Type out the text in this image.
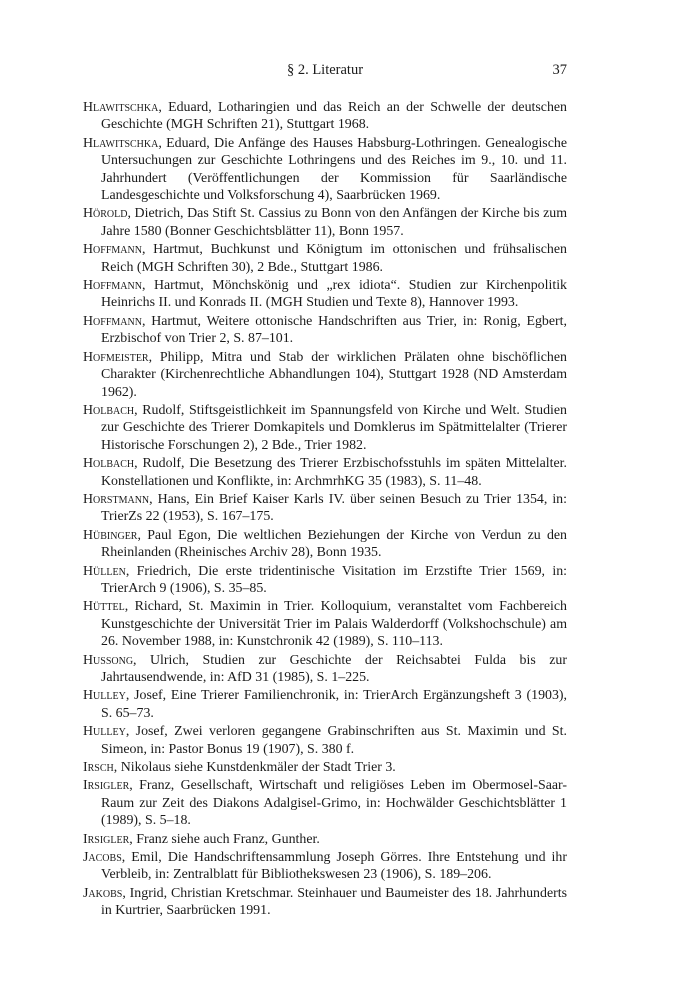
§ 2. Literatur	37

Hlawitschka, Eduard, Lotharingien und das Reich an der Schwelle der deutschen Geschichte (MGH Schriften 21), Stuttgart 1968.

Hlawitschka, Eduard, Die Anfänge des Hauses Habsburg-Lothringen. Genealogische Untersuchungen zur Geschichte Lothringens und des Reiches im 9., 10. und 11. Jahrhundert (Veröffentlichungen der Kommission für Saarländische Landesgeschichte und Volksforschung 4), Saarbrücken 1969.

Hörold, Dietrich, Das Stift St. Cassius zu Bonn von den Anfängen der Kirche bis zum Jahre 1580 (Bonner Geschichtsblätter 11), Bonn 1957.

Hoffmann, Hartmut, Buchkunst und Königtum im ottonischen und frühsalischen Reich (MGH Schriften 30), 2 Bde., Stuttgart 1986.

Hoffmann, Hartmut, Mönchskönig und „rex idiota“. Studien zur Kirchenpolitik Heinrichs II. und Konrads II. (MGH Studien und Texte 8), Hannover 1993.

Hoffmann, Hartmut, Weitere ottonische Handschriften aus Trier, in: Ronig, Egbert, Erzbischof von Trier 2, S. 87–101.

Hofmeister, Philipp, Mitra und Stab der wirklichen Prälaten ohne bischöflichen Charakter (Kirchenrechtliche Abhandlungen 104), Stuttgart 1928 (ND Amsterdam 1962).

Holbach, Rudolf, Stiftsgeistlichkeit im Spannungsfeld von Kirche und Welt. Studien zur Geschichte des Trierer Domkapitels und Domklerus im Spätmittelalter (Trierer Historische Forschungen 2), 2 Bde., Trier 1982.

Holbach, Rudolf, Die Besetzung des Trierer Erzbischofsstuhls im späten Mittelalter. Konstellationen und Konflikte, in: ArchmrhKG 35 (1983), S. 11–48.

Horstmann, Hans, Ein Brief Kaiser Karls IV. über seinen Besuch zu Trier 1354, in: TrierZs 22 (1953), S. 167–175.

Hübinger, Paul Egon, Die weltlichen Beziehungen der Kirche von Verdun zu den Rheinlanden (Rheinisches Archiv 28), Bonn 1935.

Hüllen, Friedrich, Die erste tridentinische Visitation im Erzstifte Trier 1569, in: TrierArch 9 (1906), S. 35–85.

Hüttel, Richard, St. Maximin in Trier. Kolloquium, veranstaltet vom Fachbereich Kunstgeschichte der Universität Trier im Palais Walderdorff (Volkshochschule) am 26. November 1988, in: Kunstchronik 42 (1989), S. 110–113.

Hussong, Ulrich, Studien zur Geschichte der Reichsabtei Fulda bis zur Jahrtausendwende, in: AfD 31 (1985), S. 1–225.

Hulley, Josef, Eine Trierer Familienchronik, in: TrierArch Ergänzungsheft 3 (1903), S. 65–73.

Hulley, Josef, Zwei verloren gegangene Grabinschriften aus St. Maximin und St. Simeon, in: Pastor Bonus 19 (1907), S. 380 f.

Irsch, Nikolaus siehe Kunstdenkmäler der Stadt Trier 3.

Irsigler, Franz, Gesellschaft, Wirtschaft und religiöses Leben im Obermosel-Saar-Raum zur Zeit des Diakons Adalgisel-Grimo, in: Hochwälder Geschichtsblätter 1 (1989), S. 5–18.

Irsigler, Franz siehe auch Franz, Gunther.

Jacobs, Emil, Die Handschriftensammlung Joseph Görres. Ihre Entstehung und ihr Verbleib, in: Zentralblatt für Bibliothekswesen 23 (1906), S. 189–206.

Jakobs, Ingrid, Christian Kretschmar. Steinhauer und Baumeister des 18. Jahrhunderts in Kurtrier, Saarbrücken 1991.
